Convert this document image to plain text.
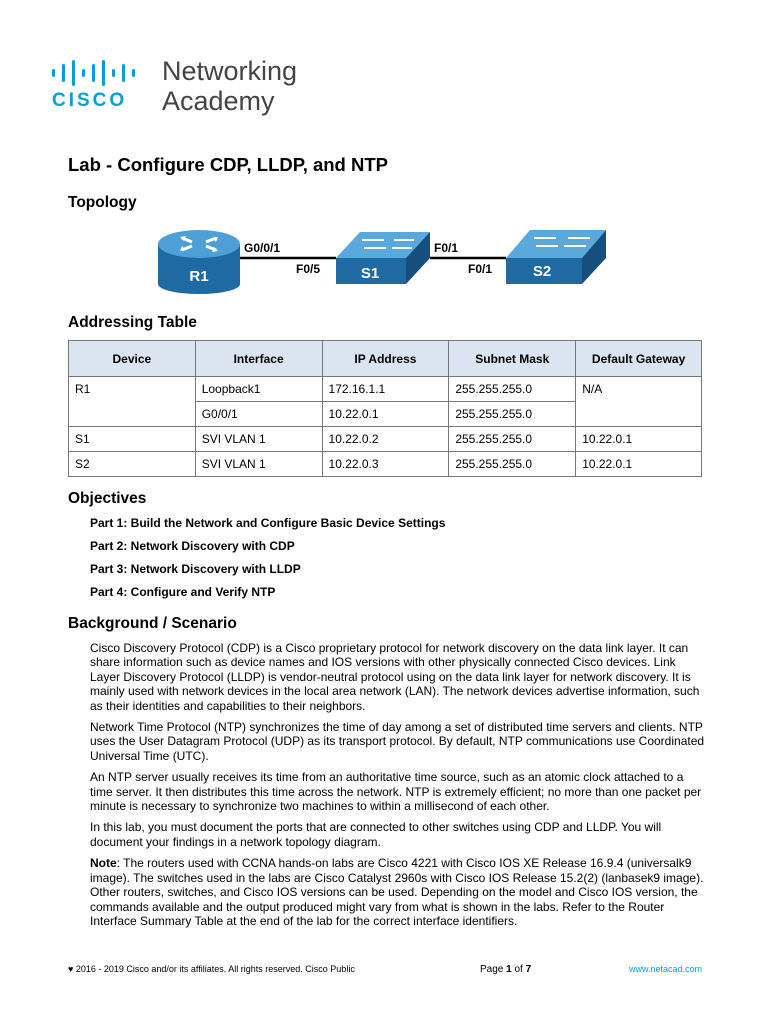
CISCO
Networking
Academy
Lab - Configure CDP, LLDP, and NTP
Topology
R1	S1	S2
G0/0/1
F0/5
F0/1
F0/1
Addressing Table
Device	Interface	IP Address	Subnet Mask	Default Gateway
R1	Loopback1	172.16.1.1	255.255.255.0	N/A
	G0/0/1	10.22.0.1	255.255.255.0	
S1	SVI VLAN 1	10.22.0.2	255.255.255.0	10.22.0.1
S2	SVI VLAN 1	10.22.0.3	255.255.255.0	10.22.0.1
Objectives
Part 1: Build the Network and Configure Basic Device Settings
Part 2: Network Discovery with CDP
Part 3: Network Discovery with LLDP
Part 4: Configure and Verify NTP
Background / Scenario

Cisco Discovery Protocol (CDP) is a Cisco proprietary protocol for network discovery on the data link layer. It can share information such as device names and IOS versions with other physically connected Cisco devices. Link Layer Discovery Protocol (LLDP) is vendor-neutral protocol using on the data link layer for network discovery. It is mainly used with network devices in the local area network (LAN). The network devices advertise information, such as their identities and capabilities to their neighbors.

Network Time Protocol (NTP) synchronizes the time of day among a set of distributed time servers and clients. NTP uses the User Datagram Protocol (UDP) as its transport protocol. By default, NTP communications use Coordinated Universal Time (UTC).

An NTP server usually receives its time from an authoritative time source, such as an atomic clock attached to a time server. It then distributes this time across the network. NTP is extremely efficient; no more than one packet per minute is necessary to synchronize two machines to within a millisecond of each other.

In this lab, you must document the ports that are connected to other switches using CDP and LLDP. You will document your findings in a network topology diagram.

Note: The routers used with CCNA hands-on labs are Cisco 4221 with Cisco IOS XE Release 16.9.4 (universalk9 image). The switches used in the labs are Cisco Catalyst 2960s with Cisco IOS Release 15.2(2) (lanbasek9 image). Other routers, switches, and Cisco IOS versions can be used. Depending on the model and Cisco IOS version, the commands available and the output produced might vary from what is shown in the labs. Refer to the Router Interface Summary Table at the end of the lab for the correct interface identifiers.

♥ 2016 - 2019 Cisco and/or its affiliates. All rights reserved. Cisco Public	Page 1 of 7	www.netacad.com
